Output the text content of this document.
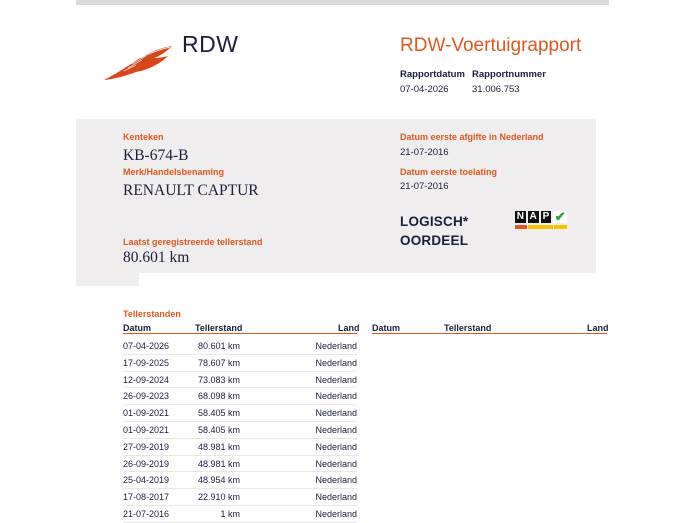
RDW	RDW-Voertuigrapport
Rapportdatum Rapportnummer
07-04-2026 31.006.753
Kenteken
KB-674-B
Merk/Handelsbenaming
RENAULT CAPTUR
Laatst geregistreerde tellerstand
80.601 km
Datum eerste afgifte in Nederland
21-07-2016
Datum eerste toelating
21-07-2016
LOGISCH*
OORDEEL
N A P ✔
Tellerstanden
Datum	Tellerstand	Land Datum	Tellerstand	Land
07-04-2026	80.601 km	Nederland
17-09-2025	78.607 km	Nederland
12-09-2024	73.083 km	Nederland
26-09-2023	68.098 km	Nederland
01-09-2021	58.405 km	Nederland
01-09-2021	58.405 km	Nederland
27-09-2019	48.981 km	Nederland
26-09-2019	48.981 km	Nederland
25-04-2019	48.954 km	Nederland
17-08-2017	22.910 km	Nederland
21-07-2016	1 km	Nederland
